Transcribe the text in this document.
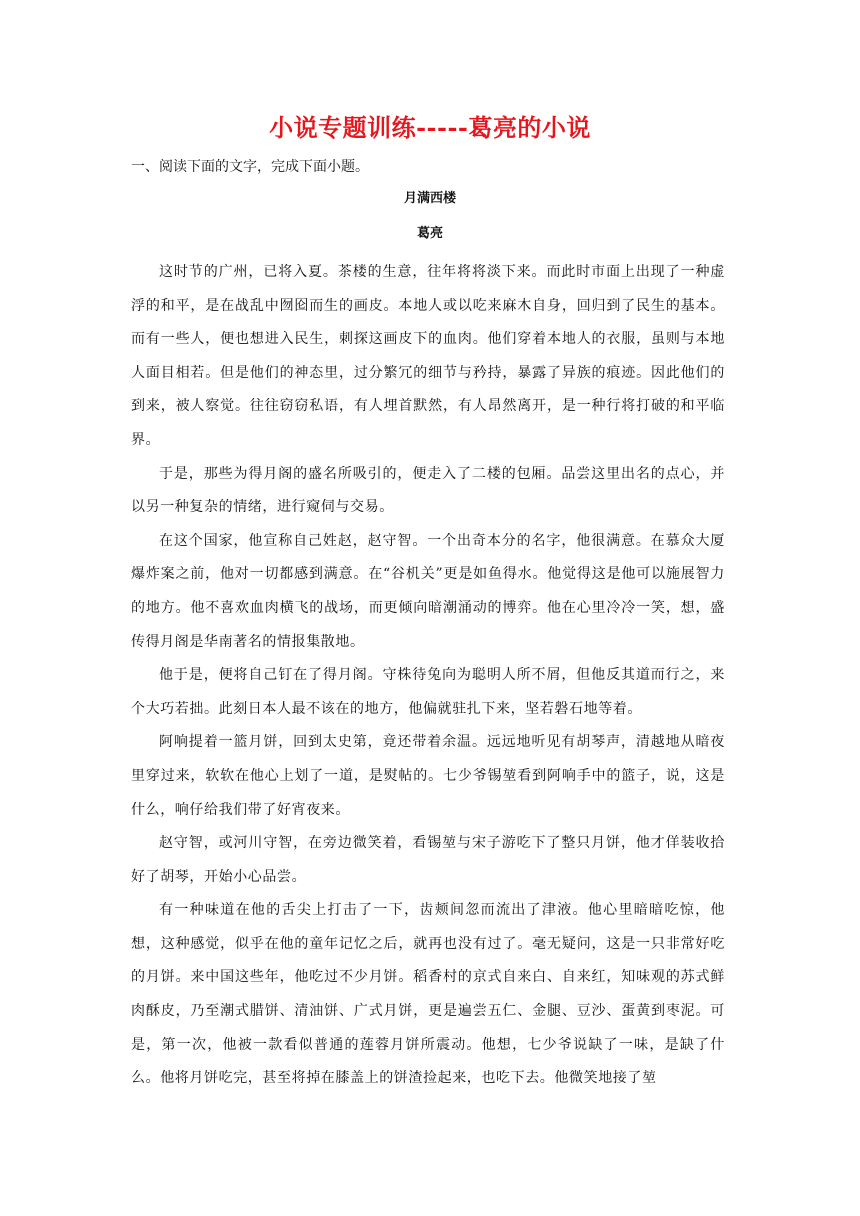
小说专题训练-----葛亮的小说
一、阅读下面的文字，完成下面小题。
月满西楼
葛亮

这时节的广州，已将入夏。茶楼的生意，往年将将淡下来。而此时市面上出现了一种虚浮的和平，是在战乱中囫囵而生的画皮。本地人或以吃来麻木自身，回归到了民生的基本。而有一些人，便也想进入民生，刺探这画皮下的血肉。他们穿着本地人的衣服，虽则与本地人面目相若。但是他们的神态里，过分繁冗的细节与矜持，暴露了异族的痕迹。因此他们的到来，被人察觉。往往窃窃私语，有人埋首默然，有人昂然离开，是一种行将打破的和平临界。

于是，那些为得月阁的盛名所吸引的，便走入了二楼的包厢。品尝这里出名的点心，并以另一种复杂的情绪，进行窥伺与交易。

在这个国家，他宣称自己姓赵，赵守智。一个出奇本分的名字，他很满意。在慕众大厦爆炸案之前，他对一切都感到满意。在“谷机关”更是如鱼得水。他觉得这是他可以施展智力的地方。他不喜欢血肉横飞的战场，而更倾向暗潮涌动的博弈。他在心里冷冷一笑，想，盛传得月阁是华南著名的情报集散地。

他于是，便将自己钉在了得月阁。守株待兔向为聪明人所不屑，但他反其道而行之，来个大巧若拙。此刻日本人最不该在的地方，他偏就驻扎下来，坚若磐石地等着。

阿响提着一篮月饼，回到太史第，竟还带着余温。远远地听见有胡琴声，清越地从暗夜里穿过来，软软在他心上划了一道，是熨帖的。七少爷锡堃看到阿响手中的篮子，说，这是什么，响仔给我们带了好宵夜来。

赵守智，或河川守智，在旁边微笑着，看锡堃与宋子游吃下了整只月饼，他才佯装收拾好了胡琴，开始小心品尝。

有一种味道在他的舌尖上打击了一下，齿颊间忽而流出了津液。他心里暗暗吃惊，他想，这种感觉，似乎在他的童年记忆之后，就再也没有过了。毫无疑问，这是一只非常好吃的月饼。来中国这些年，他吃过不少月饼。稻香村的京式自来白、自来红，知味观的苏式鲜肉酥皮，乃至潮式腊饼、清油饼、广式月饼，更是遍尝五仁、金腿、豆沙、蛋黄到枣泥。可是，第一次，他被一款看似普通的莲蓉月饼所震动。他想，七少爷说缺了一味，是缺了什么。他将月饼吃完，甚至将掉在膝盖上的饼渣捡起来，也吃下去。他微笑地接了堃
